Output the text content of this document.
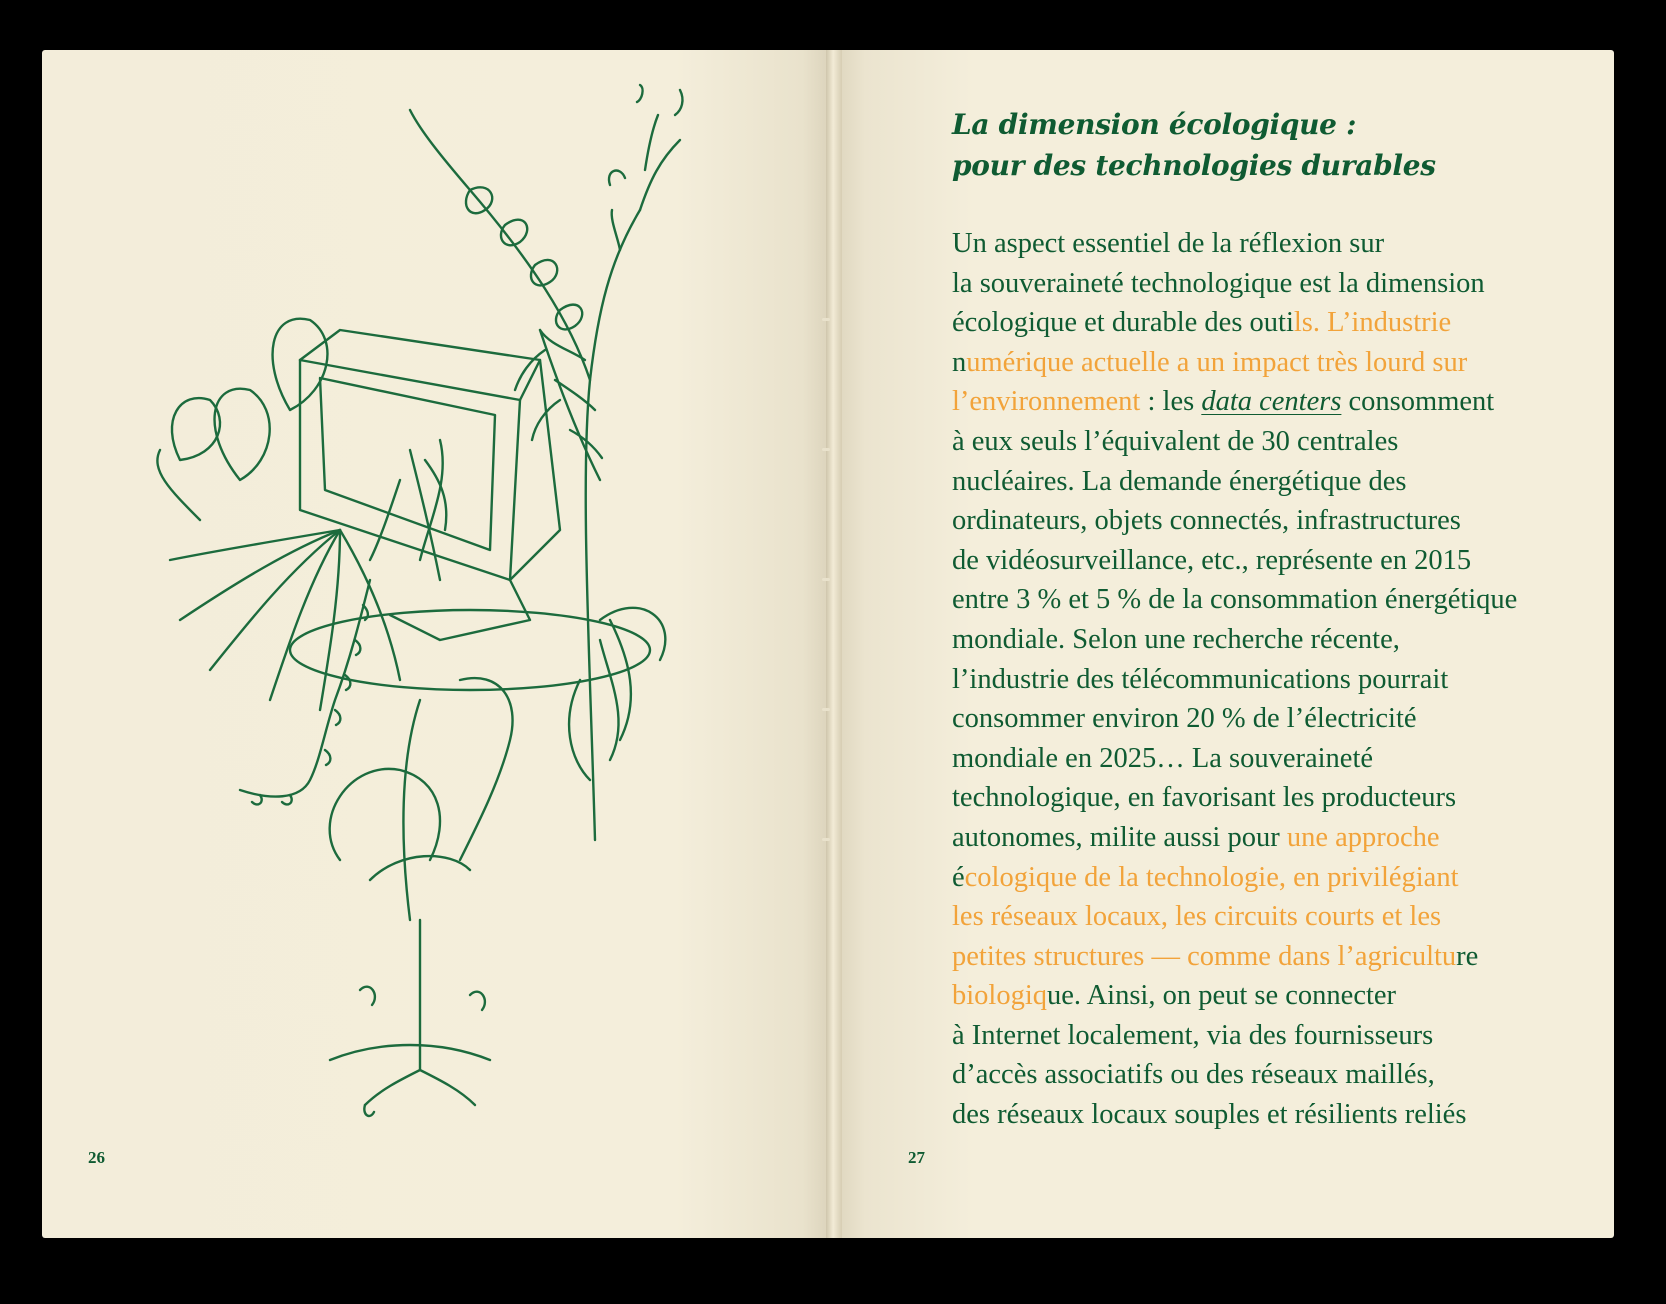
26	27
La dimension écologique :
pour des technologies durables
Un aspect essentiel de la réflexion sur
la souveraineté technologique est la dimension
écologique et durable des outils. L’industrie
numérique actuelle a un impact très lourd sur
l’environnement : les data centers consomment
à eux seuls l’équivalent de 30 centrales
nucléaires. La demande énergétique des
ordinateurs, objets connectés, infrastructures
de vidéosurveillance, etc., représente en 2015
entre 3 % et 5 % de la consommation énergétique
mondiale. Selon une recherche récente,
l’industrie des télécommunications pourrait
consommer environ 20 % de l’électricité
mondiale en 2025… La souveraineté
technologique, en favorisant les producteurs
autonomes, milite aussi pour une approche
écologique de la technologie, en privilégiant
les réseaux locaux, les circuits courts et les
petites structures — comme dans l’agriculture
biologique. Ainsi, on peut se connecter
à Internet localement, via des fournisseurs
d’accès associatifs ou des réseaux maillés,
des réseaux locaux souples et résilients reliés
